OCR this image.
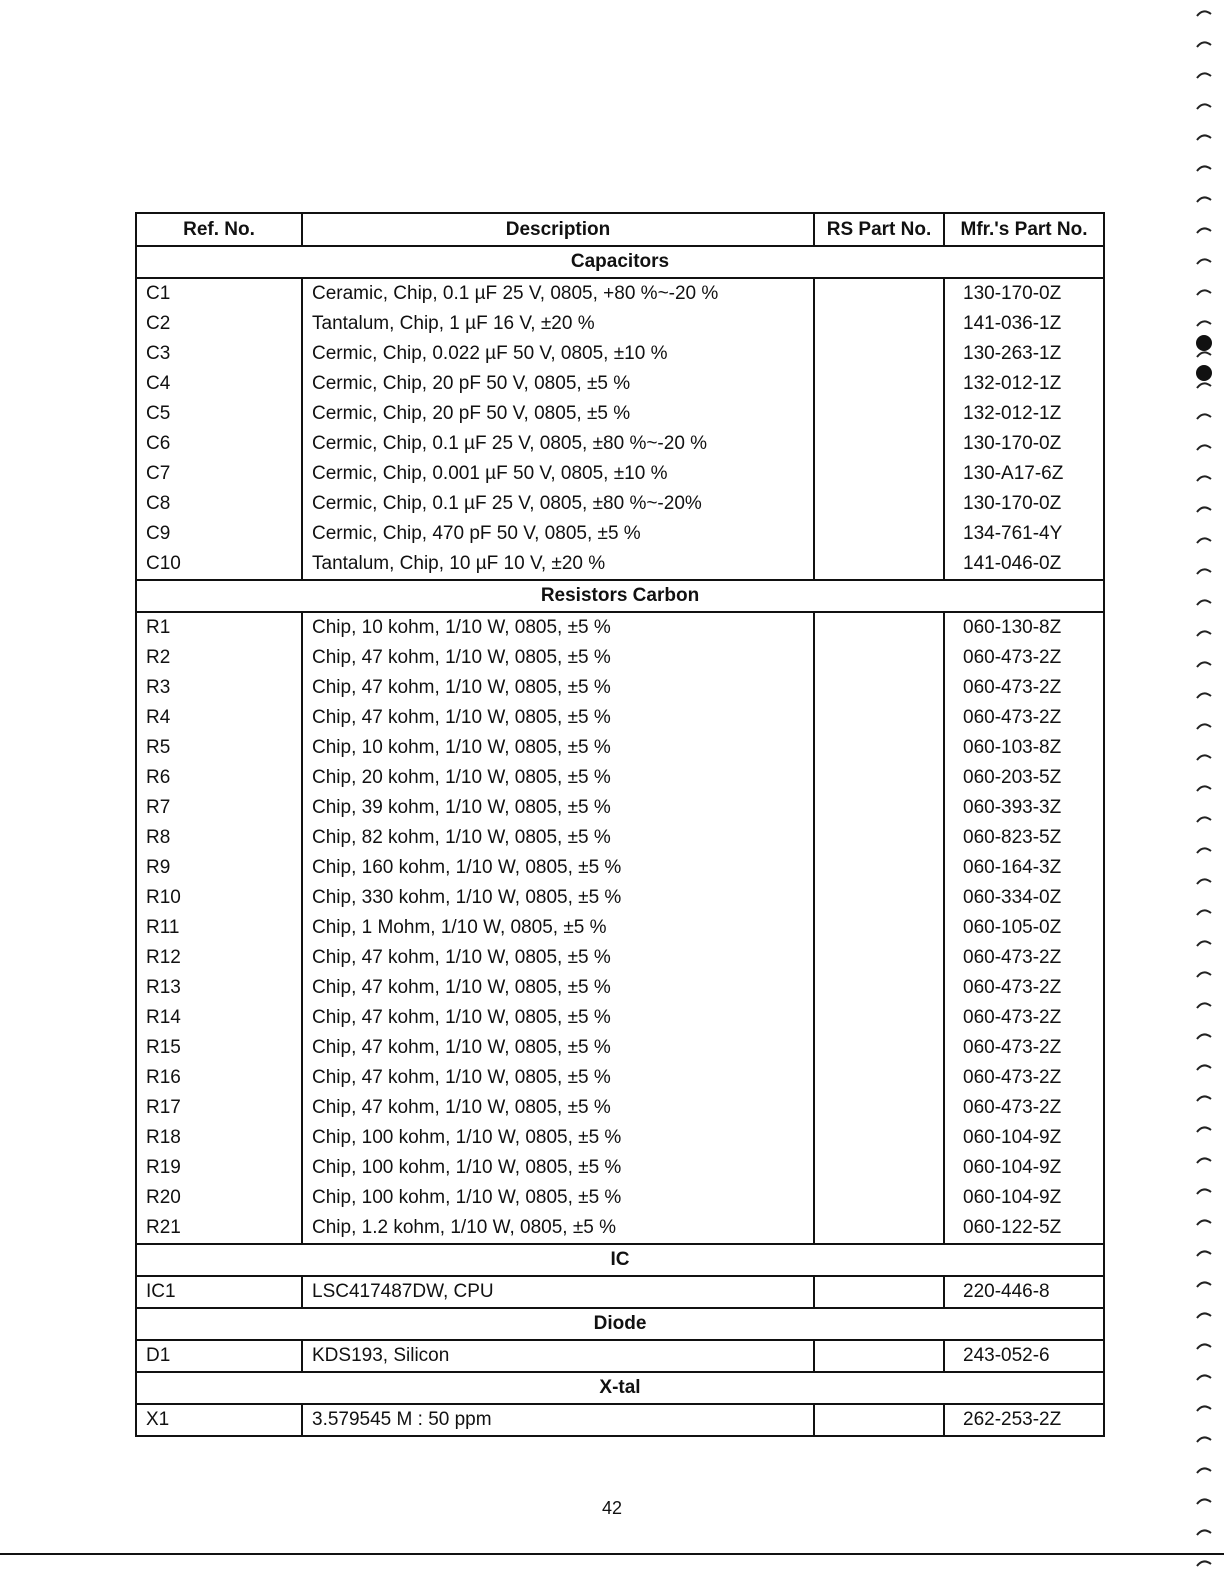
Ref. No.	Description	RS Part No.	Mfr.'s Part No.
Capacitors			
C1	Ceramic, Chip, 0.1 µF 25 V, 0805, +80 %~-20 %		130-170-0Z
C2	Tantalum, Chip, 1 µF 16 V, ±20 %		141-036-1Z
C3	Cermic, Chip, 0.022 µF 50 V, 0805, ±10 %		130-263-1Z
C4	Cermic, Chip, 20 pF 50 V, 0805, ±5 %		132-012-1Z
C5	Cermic, Chip, 20 pF 50 V, 0805, ±5 %		132-012-1Z
C6	Cermic, Chip, 0.1 µF 25 V, 0805, ±80 %~-20 %		130-170-0Z
C7	Cermic, Chip, 0.001 µF 50 V, 0805, ±10 %		130-A17-6Z
C8	Cermic, Chip, 0.1 µF 25 V, 0805, ±80 %~-20%		130-170-0Z
C9	Cermic, Chip, 470 pF 50 V, 0805, ±5 %		134-761-4Y
C10	Tantalum, Chip, 10 µF 10 V, ±20 %		141-046-0Z
Resistors Carbon			
R1	Chip, 10 kohm, 1/10 W, 0805, ±5 %		060-130-8Z
R2	Chip, 47 kohm, 1/10 W, 0805, ±5 %		060-473-2Z
R3	Chip, 47 kohm, 1/10 W, 0805, ±5 %		060-473-2Z
R4	Chip, 47 kohm, 1/10 W, 0805, ±5 %		060-473-2Z
R5	Chip, 10 kohm, 1/10 W, 0805, ±5 %		060-103-8Z
R6	Chip, 20 kohm, 1/10 W, 0805, ±5 %		060-203-5Z
R7	Chip, 39 kohm, 1/10 W, 0805, ±5 %		060-393-3Z
R8	Chip, 82 kohm, 1/10 W, 0805, ±5 %		060-823-5Z
R9	Chip, 160 kohm, 1/10 W, 0805, ±5 %		060-164-3Z
R10	Chip, 330 kohm, 1/10 W, 0805, ±5 %		060-334-0Z
R11	Chip, 1 Mohm, 1/10 W, 0805, ±5 %		060-105-0Z
R12	Chip, 47 kohm, 1/10 W, 0805, ±5 %		060-473-2Z
R13	Chip, 47 kohm, 1/10 W, 0805, ±5 %		060-473-2Z
R14	Chip, 47 kohm, 1/10 W, 0805, ±5 %		060-473-2Z
R15	Chip, 47 kohm, 1/10 W, 0805, ±5 %		060-473-2Z
R16	Chip, 47 kohm, 1/10 W, 0805, ±5 %		060-473-2Z
R17	Chip, 47 kohm, 1/10 W, 0805, ±5 %		060-473-2Z
R18	Chip, 100 kohm, 1/10 W, 0805, ±5 %		060-104-9Z
R19	Chip, 100 kohm, 1/10 W, 0805, ±5 %		060-104-9Z
R20	Chip, 100 kohm, 1/10 W, 0805, ±5 %		060-104-9Z
R21	Chip, 1.2 kohm, 1/10 W, 0805, ±5 %		060-122-5Z
IC			
IC1	LSC417487DW, CPU		220-446-8
Diode			
D1	KDS193, Silicon		243-052-6
X-tal			
X1	3.579545 M : 50 ppm		262-253-2Z
42
